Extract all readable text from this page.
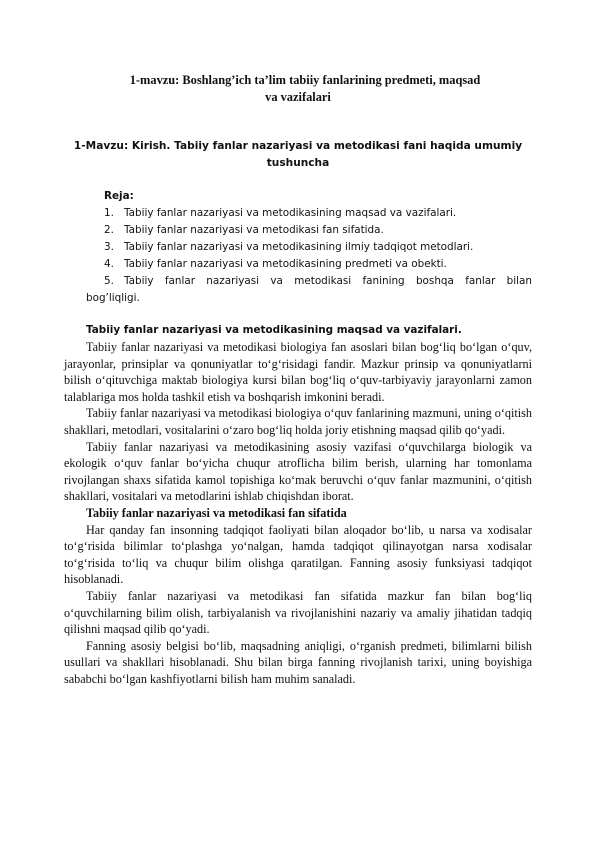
1-mavzu: Boshlang’ich ta’lim tabiiy fanlarining predmeti, maqsad
va vazifalari
1-Mavzu: Kirish. Tabiiy fanlar nazariyasi va metodikasi fani haqida umumiy tushuncha
Reja:
1. Tabiiy fanlar nazariyasi va metodikasining maqsad va vazifalari.
2. Tabiiy fanlar nazariyasi va metodikasi fan sifatida.
3. Tabiiy fanlar nazariyasi va metodikasining ilmiy tadqiqot metodlari.
4. Tabiiy fanlar nazariyasi va metodikasining predmeti va obekti.
5. Tabiiy fanlar nazariyasi va metodikasi fanining boshqa fanlar bilan
bog’liqligi.
Tabiiy fanlar nazariyasi va metodikasining maqsad va vazifalari.

Tabiiy fanlar nazariyasi va metodikasi biologiya fan asoslari bilan bog‘liq bo‘lgan o‘quv, jarayonlar, prinsiplar va qonuniyatlar to‘g‘risidagi fandir. Mazkur prinsip va qonuniyatlarni bilish o‘qituvchiga maktab biologiya kursi bilan bog‘liq o‘quv-tarbiyaviy jarayonlarni zamon talablariga mos holda tashkil etish va boshqarish imkonini beradi.

Tabiiy fanlar nazariyasi va metodikasi biologiya o‘quv fanlarining mazmuni, uning o‘qitish shakllari, metodlari, vositalarini o‘zaro bog‘liq holda joriy etishning maqsad qilib qo‘yadi.

Tabiiy fanlar nazariyasi va metodikasining asosiy vazifasi o‘quvchilarga biologik va ekologik o‘quv fanlar bo‘yicha chuqur atroflicha bilim berish, ularning har tomonlama rivojlangan shaxs sifatida kamol topishiga ko‘mak beruvchi o‘quv fanlar mazmunini, o‘qitish shakllari, vositalari va metodlarini ishlab chiqishdan iborat.

Tabiiy fanlar nazariyasi va metodikasi fan sifatida

Har qanday fan insonning tadqiqot faoliyati bilan aloqador bo‘lib, u narsa va xodisalar to‘g‘risida bilimlar to‘plashga yo‘nalgan, hamda tadqiqot qilinayotgan narsa xodisalar to‘g‘risida to‘liq va chuqur bilim olishga qaratilgan. Fanning asosiy funksiyasi tadqiqot hisoblanadi.

Tabiiy fanlar nazariyasi va metodikasi fan sifatida mazkur fan bilan bog‘liq o‘quvchilarning bilim olish, tarbiyalanish va rivojlanishini nazariy va amaliy jihatidan tadqiq qilishni maqsad qilib qo‘yadi.

Fanning asosiy belgisi bo‘lib, maqsadning aniqligi, o‘rganish predmeti, bilimlarni bilish usullari va shakllari hisoblanadi. Shu bilan birga fanning rivojlanish tarixi, uning boyishiga sababchi bo‘lgan kashfiyotlarni bilish ham muhim sanaladi.
